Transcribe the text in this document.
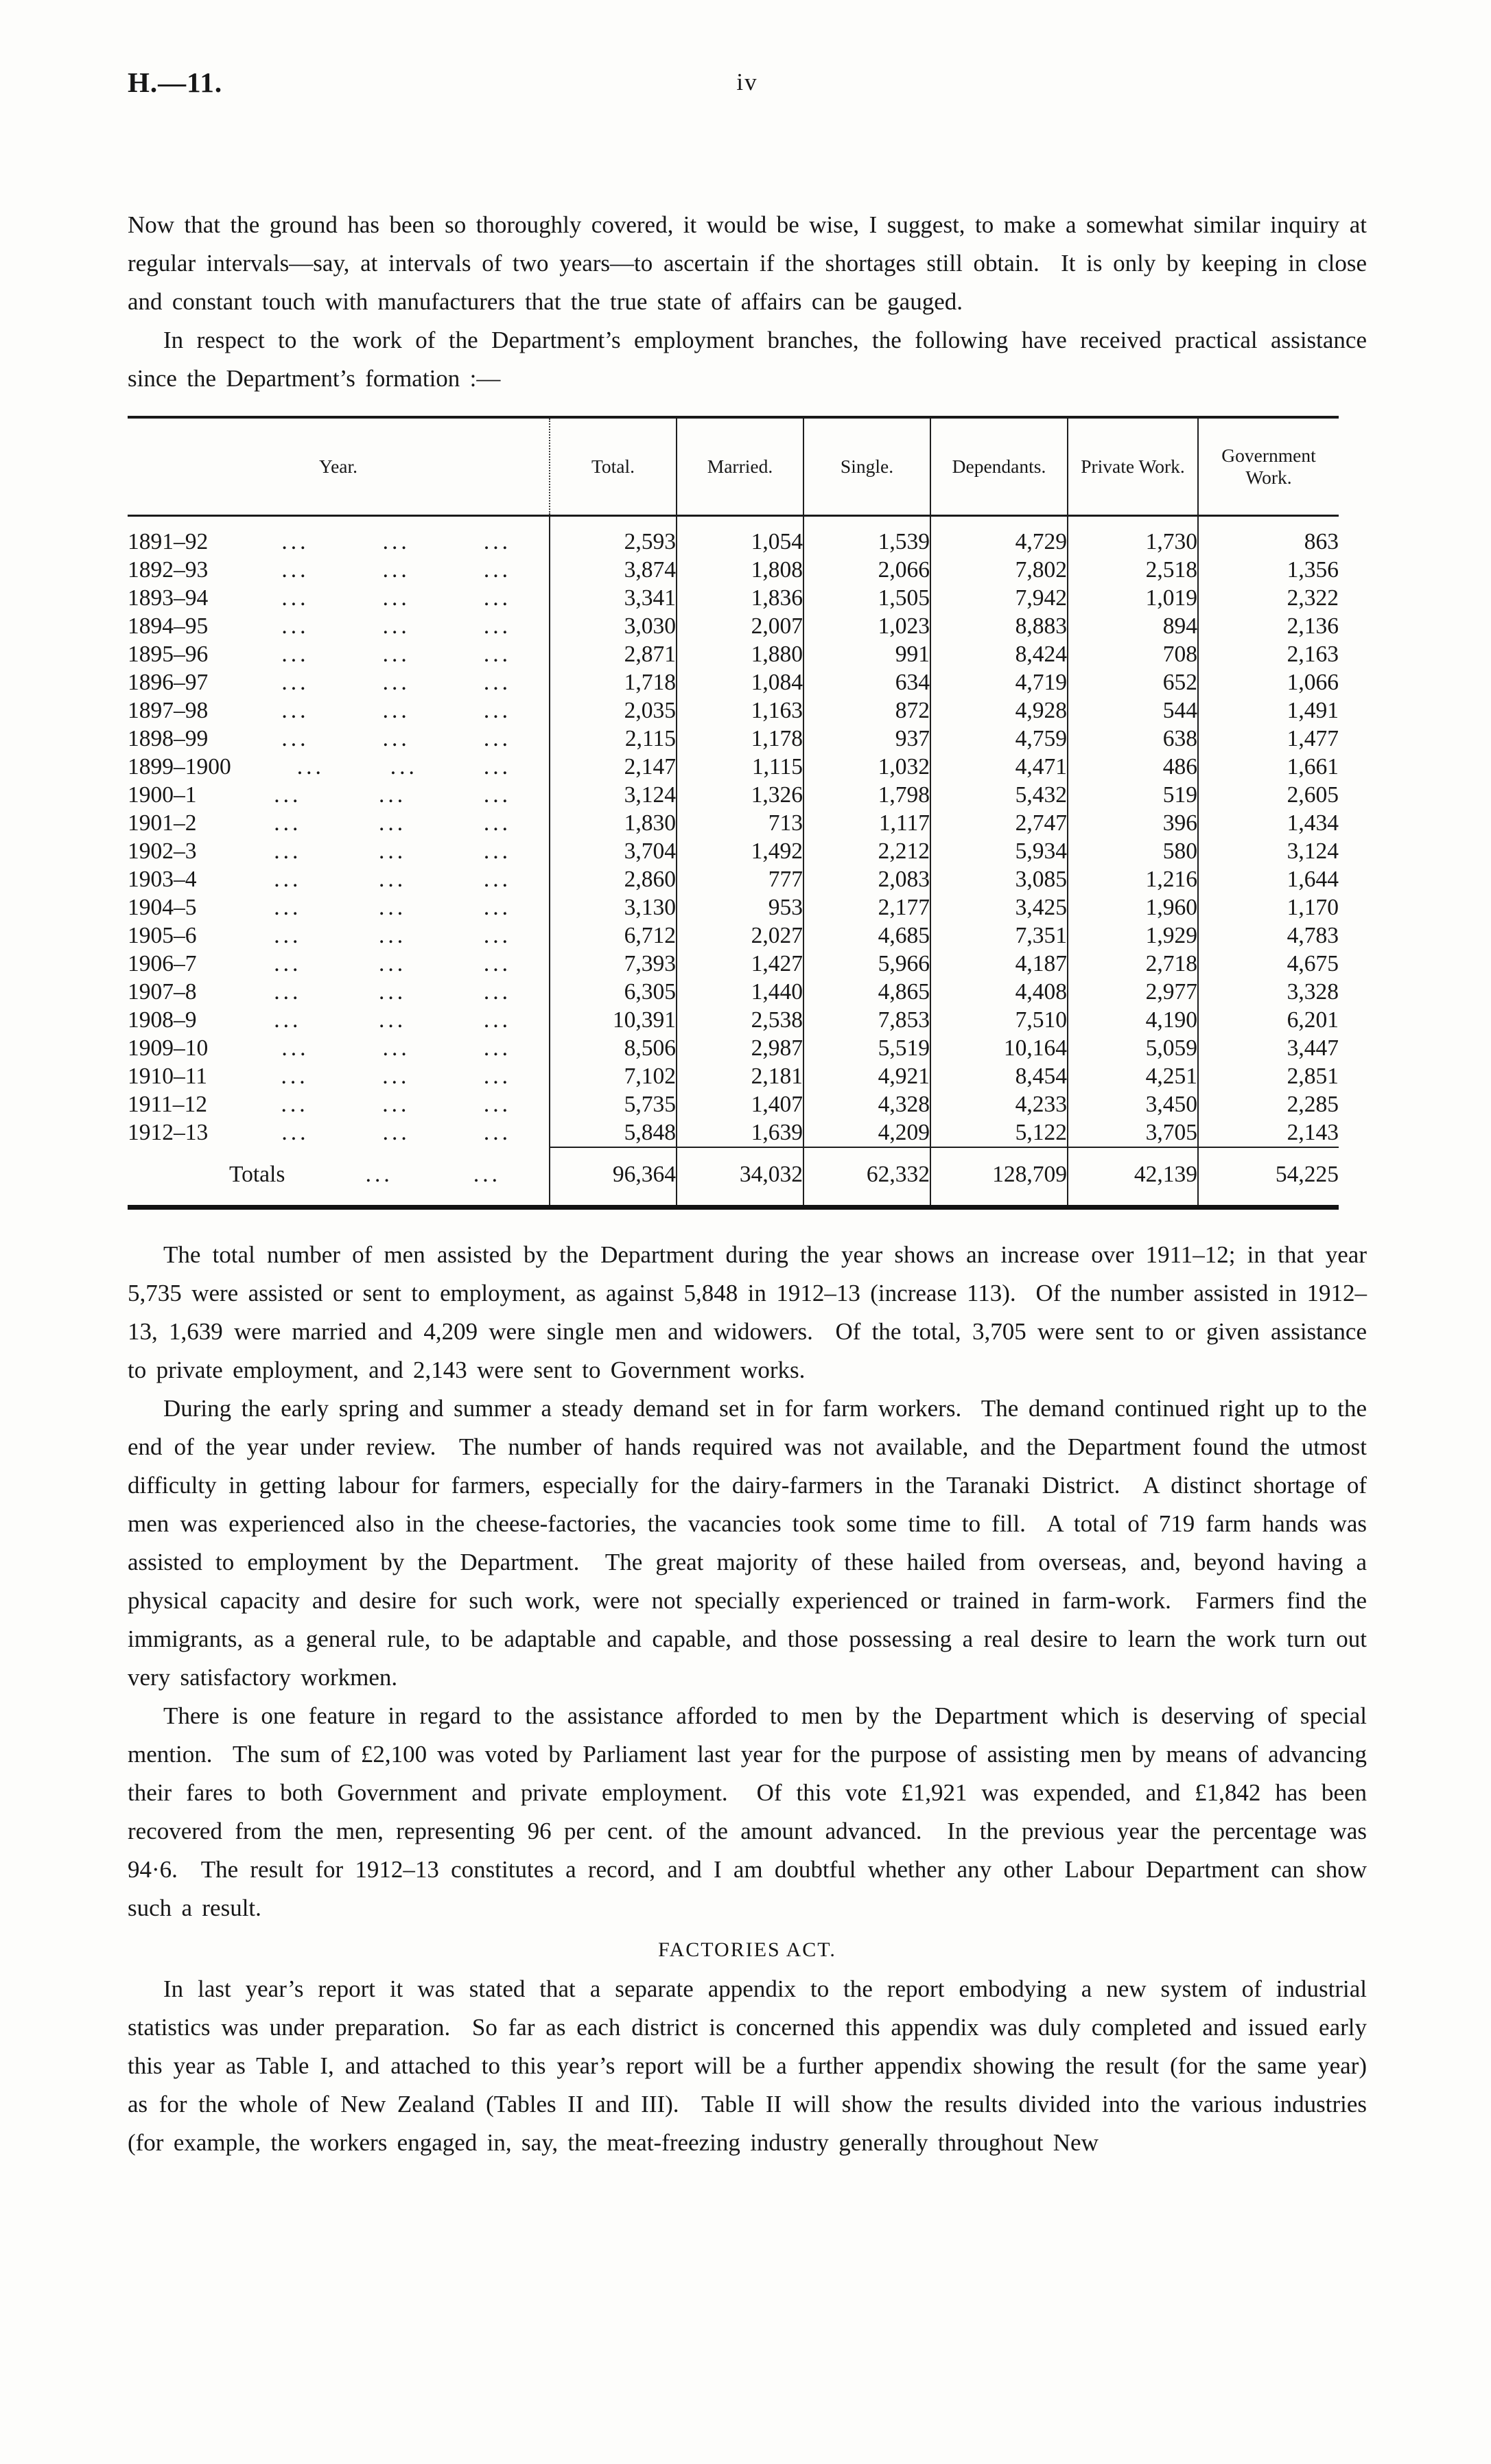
H.—11.	iv

Now that the ground has been so thoroughly covered, it would be wise, I suggest, to make a somewhat similar inquiry at regular intervals—say, at intervals of two years—to ascertain if the shortages still obtain.  It is only by keeping in close and constant touch with manufacturers that the true state of affairs can be gauged.

In respect to the work of the Department’s employment branches, the following have received practical assistance since the Department’s formation :—

Year.	Total.	Married.	Single.	Dependants.	Private Work.	Government Work.

1891–92 ... ... ...	2,593	1,054	1,539	4,729	1,730	863

1892–93 ... ... ...	3,874	1,808	2,066	7,802	2,518	1,356

1893–94 ... ... ...	3,341	1,836	1,505	7,942	1,019	2,322

1894–95 ... ... ...	3,030	2,007	1,023	8,883	894	2,136

1895–96 ... ... ...	2,871	1,880	991	8,424	708	2,163

1896–97 ... ... ...	1,718	1,084	634	4,719	652	1,066

1897–98 ... ... ...	2,035	1,163	872	4,928	544	1,491

1898–99 ... ... ...	2,115	1,178	937	4,759	638	1,477

1899–1900 ... ... ...	2,147	1,115	1,032	4,471	486	1,661

1900–1 ... ... ...	3,124	1,326	1,798	5,432	519	2,605

1901–2 ... ... ...	1,830	713	1,117	2,747	396	1,434

1902–3 ... ... ...	3,704	1,492	2,212	5,934	580	3,124

1903–4 ... ... ...	2,860	777	2,083	3,085	1,216	1,644

1904–5 ... ... ...	3,130	953	2,177	3,425	1,960	1,170

1905–6 ... ... ...	6,712	2,027	4,685	7,351	1,929	4,783

1906–7 ... ... ...	7,393	1,427	5,966	4,187	2,718	4,675

1907–8 ... ... ...	6,305	1,440	4,865	4,408	2,977	3,328

1908–9 ... ... ...	10,391	2,538	7,853	7,510	4,190	6,201

1909–10 ... ... ...	8,506	2,987	5,519	10,164	5,059	3,447

1910–11 ... ... ...	7,102	2,181	4,921	8,454	4,251	2,851

1911–12 ... ... ...	5,735	1,407	4,328	4,233	3,450	2,285

1912–13 ... ... ...	5,848	1,639	4,209	5,122	3,705	2,143

Totals ... ...	96,364	34,032	62,332	128,709	42,139	54,225

The total number of men assisted by the Department during the year shows an increase over 1911–12; in that year 5,735 were assisted or sent to employment, as against 5,848 in 1912–13 (increase 113).  Of the number assisted in 1912–13, 1,639 were married and 4,209 were single men and widowers.  Of the total, 3,705 were sent to or given assistance to private employment, and 2,143 were sent to Government works.

During the early spring and summer a steady demand set in for farm workers.  The demand continued right up to the end of the year under review.  The number of hands required was not available, and the Department found the utmost difficulty in getting labour for farmers, especially for the dairy-farmers in the Taranaki District.  A distinct shortage of men was experienced also in the cheese-factories, the vacancies took some time to fill.  A total of 719 farm hands was assisted to employment by the Department.  The great majority of these hailed from overseas, and, beyond having a physical capacity and desire for such work, were not specially experienced or trained in farm-work.  Farmers find the immigrants, as a general rule, to be adaptable and capable, and those possessing a real desire to learn the work turn out very satisfactory workmen.

There is one feature in regard to the assistance afforded to men by the Department which is deserving of special mention.  The sum of £2,100 was voted by Parliament last year for the purpose of assisting men by means of advancing their fares to both Government and private employment.  Of this vote £1,921 was expended, and £1,842 has been recovered from the men, representing 96 per cent. of the amount advanced.  In the previous year the percentage was 94·6.  The result for 1912–13 constitutes a record, and I am doubtful whether any other Labour Department can show such a result.

FACTORIES ACT.

In last year’s report it was stated that a separate appendix to the report embodying a new system of industrial statistics was under preparation.  So far as each district is concerned this appendix was duly completed and issued early this year as Table I, and attached to this year’s report will be a further appendix showing the result (for the same year) as for the whole of New Zealand (Tables II and III).  Table II will show the results divided into the various industries (for example, the workers engaged in, say, the meat-freezing industry generally throughout New
